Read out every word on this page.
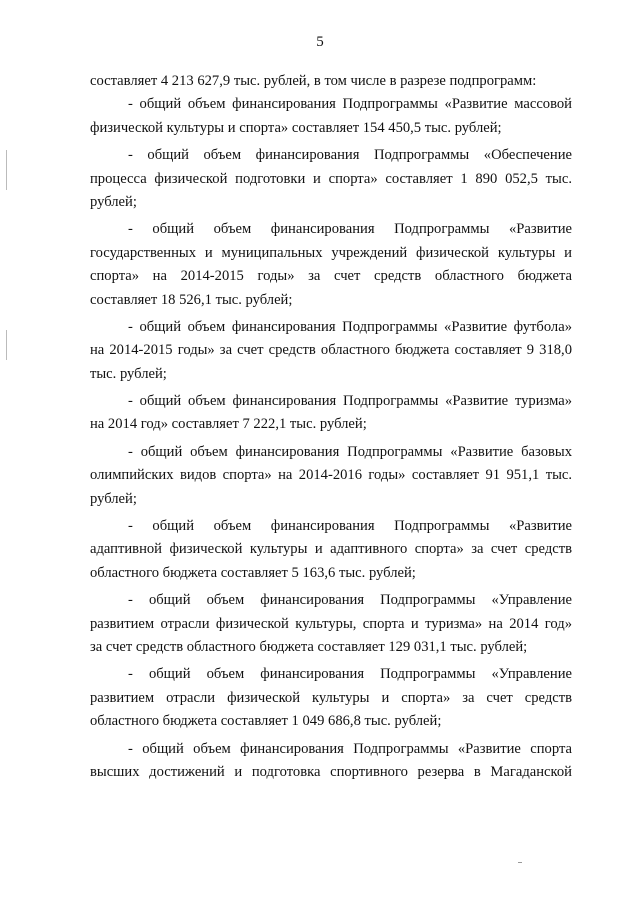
5
составляет 4 213 627,9 тыс. рублей, в том числе в разрезе подпрограмм:
- общий объем финансирования Подпрограммы «Развитие массовой
физической культуры и спорта» составляет 154 450,5 тыс. рублей;
- общий объем финансирования Подпрограммы «Обеспечение
процесса физической подготовки и спорта» составляет 1 890 052,5 тыс.
рублей;
- общий объем финансирования Подпрограммы «Развитие
государственных и муниципальных учреждений физической культуры и
спорта» на 2014-2015 годы» за счет средств областного бюджета
составляет 18 526,1 тыс. рублей;
- общий объем финансирования Подпрограммы «Развитие футбола»
на 2014-2015 годы» за счет средств областного бюджета составляет 9 318,0
тыс. рублей;
- общий объем финансирования Подпрограммы «Развитие туризма»
на 2014 год» составляет 7 222,1 тыс. рублей;
- общий объем финансирования Подпрограммы «Развитие базовых
олимпийских видов спорта» на 2014-2016 годы» составляет 91 951,1 тыс.
рублей;
- общий объем финансирования Подпрограммы «Развитие
адаптивной физической культуры и адаптивного спорта» за счет средств
областного бюджета составляет 5 163,6 тыс. рублей;
- общий объем финансирования Подпрограммы «Управление
развитием отрасли физической культуры, спорта и туризма» на 2014 год»
за счет средств областного бюджета составляет 129 031,1 тыс. рублей;
- общий объем финансирования Подпрограммы «Управление
развитием отрасли физической культуры и спорта» за счет средств
областного бюджета составляет 1 049 686,8 тыс. рублей;
- общий объем финансирования Подпрограммы «Развитие спорта
высших достижений и подготовка спортивного резерва в Магаданской
